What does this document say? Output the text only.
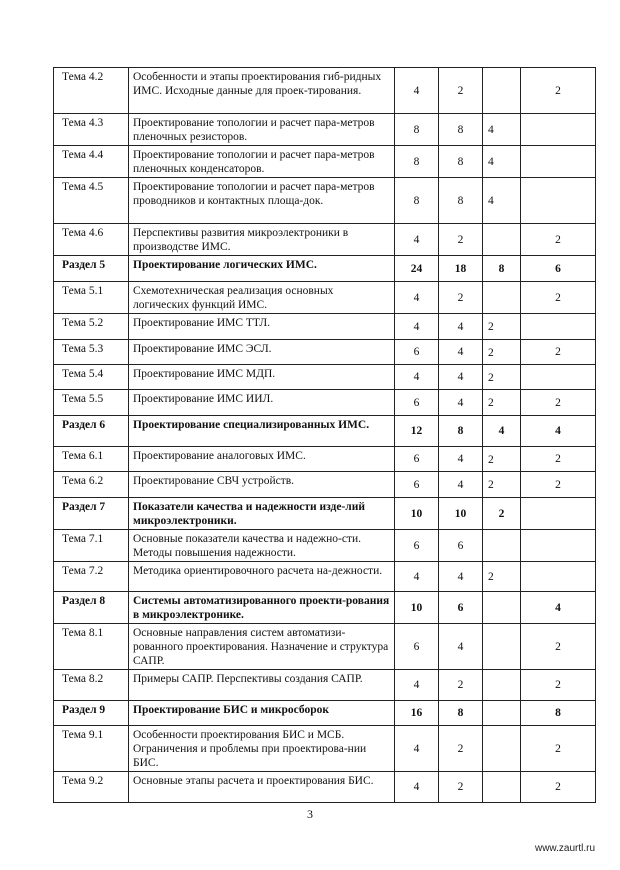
Тема 4.2	Особенности и этапы проектирования гиб-ридных ИМС. Исходные данные для проек-тирования.	4	2		2
Тема 4.3	Проектирование топологии и расчет пара-метров пленочных резисторов.	8	8	4	
Тема 4.4	Проектирование топологии и расчет пара-метров пленочных конденсаторов.	8	8	4	
Тема 4.5	Проектирование топологии и расчет пара-метров проводников и контактных площа-док.	8	8	4	
Тема 4.6	Перспективы развития микроэлектроники в производстве ИМС.	4	2		2
Раздел 5	Проектирование логических ИМС.	24	18	8	6
Тема 5.1	Схемотехническая реализация основных логических функций ИМС.	4	2		2
Тема 5.2	Проектирование ИМС ТТЛ.	4	4	2	
Тема 5.3	Проектирование ИМС ЭСЛ.	6	4	2	2
Тема 5.4	Проектирование ИМС МДП.	4	4	2	
Тема 5.5	Проектирование ИМС ИИЛ.	6	4	2	2
Раздел 6	Проектирование специализированных ИМС.	12	8	4	4
Тема 6.1	Проектирование аналоговых ИМС.	6	4	2	2
Тема 6.2	Проектирование СВЧ устройств.	6	4	2	2
Раздел 7	Показатели качества и надежности изде-лий микроэлектроники.	10	10	2	
Тема 7.1	Основные показатели качества и надежно-сти. Методы повышения надежности.	6	6		
Тема 7.2	Методика ориентировочного расчета на-дежности.	4	4	2	
Раздел 8	Системы автоматизированного проекти-рования в микроэлектронике.	10	6		4
Тема 8.1	Основные направления систем автоматизи-рованного проектирования. Назначение и структура САПР.	6	4		2
Тема 8.2	Примеры САПР. Перспективы создания САПР.	4	2		2
Раздел 9	Проектирование БИС и микросборок	16	8		8
Тема 9.1	Особенности проектирования БИС и МСБ. Ограничения и проблемы при проектирова-нии БИС.	4	2		2
Тема 9.2	Основные этапы расчета и проектирования БИС.	4	2		2
3
www.zaurtl.ru
